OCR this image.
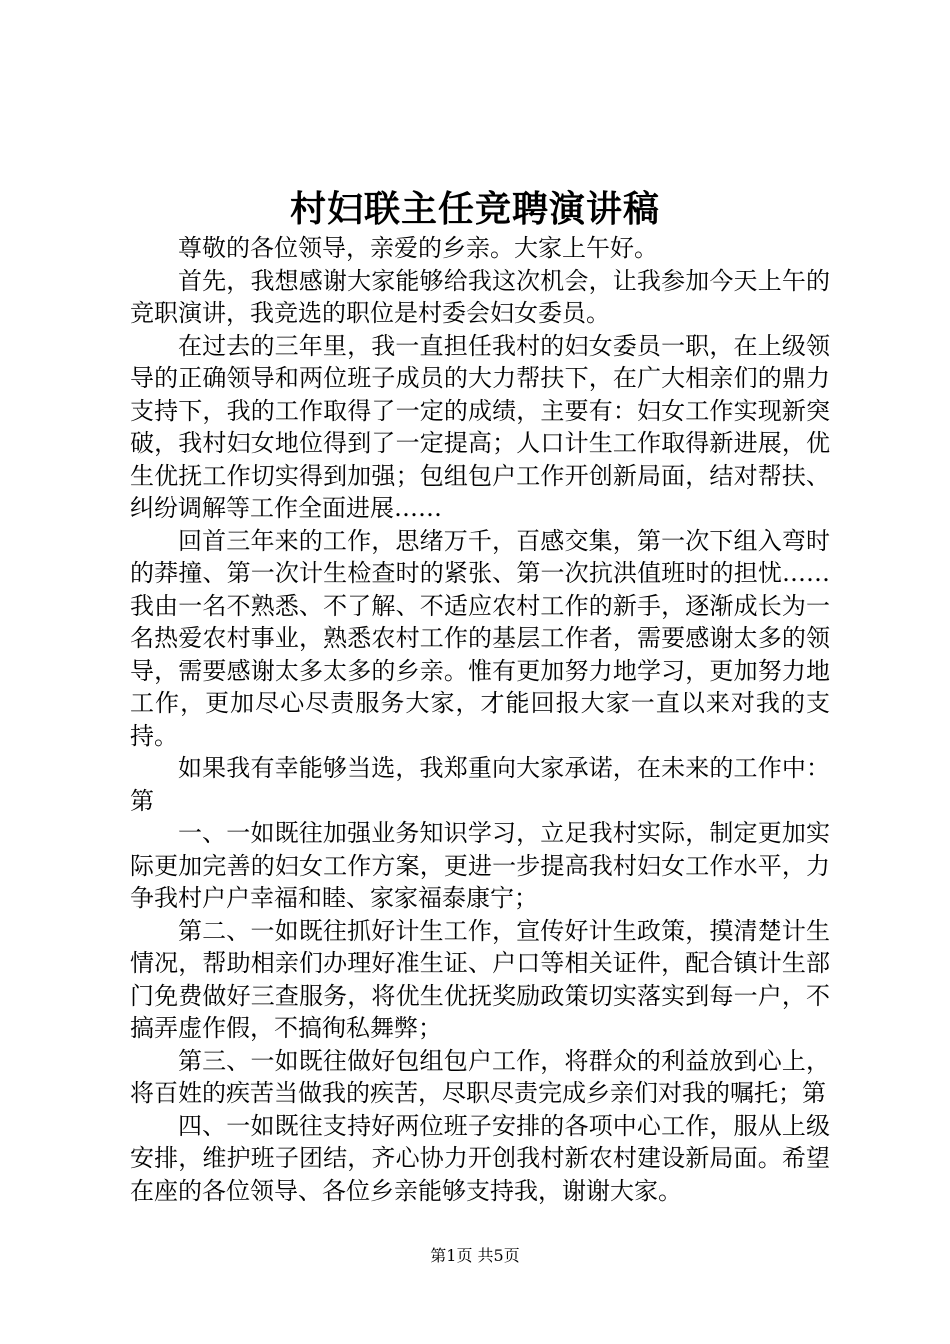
村妇联主任竞聘演讲稿

尊敬的各位领导，亲爱的乡亲。大家上午好。

首先，我想感谢大家能够给我这次机会，让我参加今天上午的竞职演讲，我竞选的职位是村委会妇女委员。

在过去的三年里，我一直担任我村的妇女委员一职，在上级领导的正确领导和两位班子成员的大力帮扶下，在广大相亲们的鼎力支持下，我的工作取得了一定的成绩，主要有：妇女工作实现新突破，我村妇女地位得到了一定提高；人口计生工作取得新进展，优生优抚工作切实得到加强；包组包户工作开创新局面，结对帮扶、纠纷调解等工作全面进展……

回首三年来的工作，思绪万千，百感交集，第一次下组入弯时的莽撞、第一次计生检查时的紧张、第一次抗洪值班时的担忧……我由一名不熟悉、不了解、不适应农村工作的新手，逐渐成长为一名热爱农村事业，熟悉农村工作的基层工作者，需要感谢太多的领导，需要感谢太多太多的乡亲。惟有更加努力地学习，更加努力地工作，更加尽心尽责服务大家，才能回报大家一直以来对我的支持。

如果我有幸能够当选，我郑重向大家承诺，在未来的工作中：第

一、一如既往加强业务知识学习，立足我村实际，制定更加实际更加完善的妇女工作方案，更进一步提高我村妇女工作水平，力争我村户户幸福和睦、家家福泰康宁；

第二、一如既往抓好计生工作，宣传好计生政策，摸清楚计生情况，帮助相亲们办理好准生证、户口等相关证件，配合镇计生部门免费做好三查服务，将优生优抚奖励政策切实落实到每一户，不搞弄虚作假，不搞徇私舞弊；

第三、一如既往做好包组包户工作，将群众的利益放到心上，将百姓的疾苦当做我的疾苦，尽职尽责完成乡亲们对我的嘱托；第

四、一如既往支持好两位班子安排的各项中心工作，服从上级安排，维护班子团结，齐心协力开创我村新农村建设新局面。希望在座的各位领导、各位乡亲能够支持我，谢谢大家。

第1页 共5页
